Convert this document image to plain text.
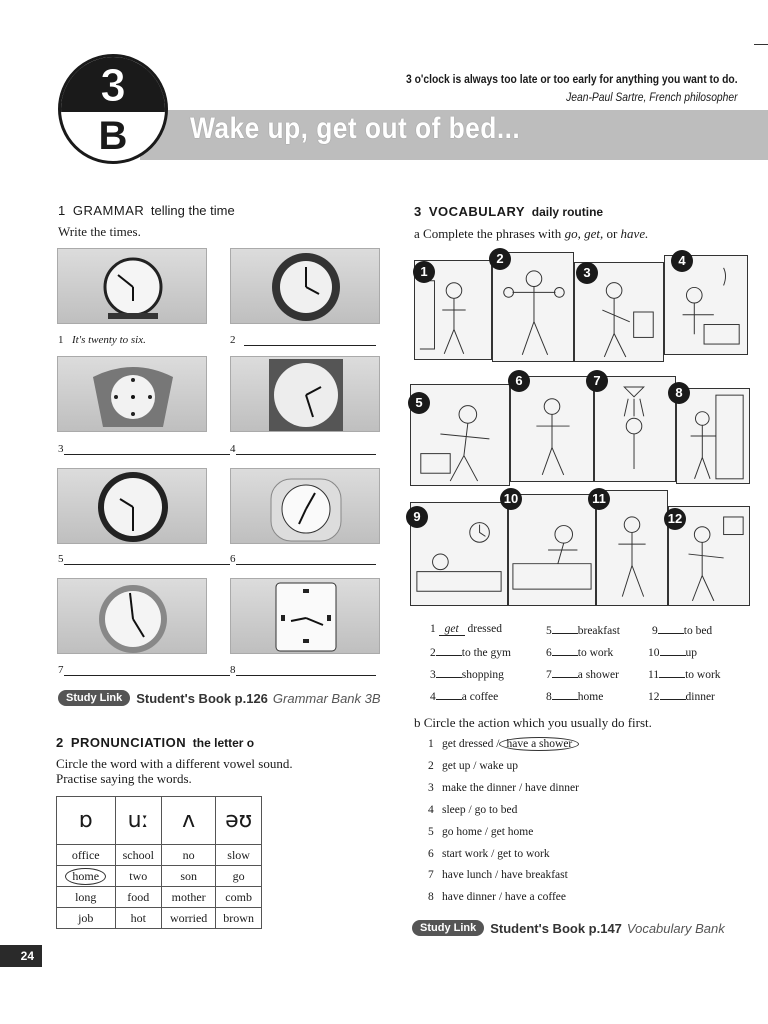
3
B	Wake up, get out of bed...
3 o'clock is always too late or too early for anything you want to do.
Jean-Paul Sartre, French philosopher
1 GRAMMAR telling the time
Write the times.
1 It's twenty to six.	2
3	4
5	6
7	8
Study Link	Student's Book p.126 Grammar Bank 3B
2 PRONUNCIATION the letter o
Circle the word with a different vowel sound.
Practise saying the words.
ɒ	uː	ʌ	əʊ
office	school	no	slow
home	two	son	go
long	food	mother	comb
job	hot	worried	brown
3 VOCABULARY daily routine
a Complete the phrases with go, get, or have.
1
2
3
4
5
6	7
8
9
10	11
12
1 get dressed
2 to the gym
3 shopping
4 a coffee
5 breakfast
6 to work
7 a shower
8 home
9 to bed
10 up
11 to work
12 dinner
b Circle the action which you usually do first.
1 get dressed / have a shower
2 get up / wake up
3 make the dinner / have dinner
4 sleep / go to bed
5 go home / get home
6 start work / get to work
7 have lunch / have breakfast
8 have dinner / have a coffee
Study Link	Student's Book p.147 Vocabulary Bank
24
